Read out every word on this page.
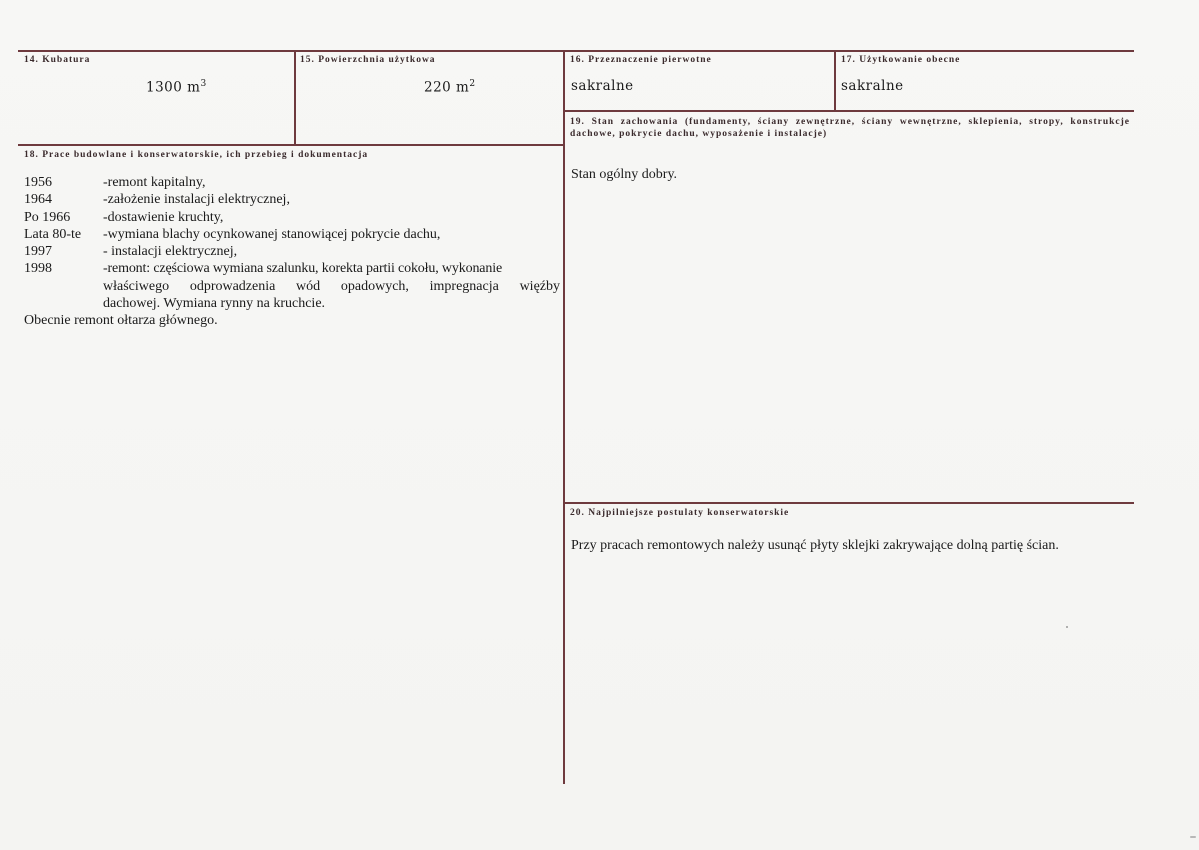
14. Kubatura
1300 $m^3$
15. Powierzchnia użytkowa
220 $m^2$
16. Przeznaczenie pierwotne
sakralne
17. Użytkowanie obecne
sakralne
19. Stan zachowania (fundamenty, ściany zewnętrzne, ściany wewnętrzne, sklepienia, stropy, konstrukcje dachowe, pokrycie dachu, wyposażenie i instalacje)
Stan ogólny dobry.
18. Prace budowlane i konserwatorskie, ich przebieg i dokumentacja
1956	-remont kapitalny,
1964	-założenie instalacji elektrycznej,
Po 1966	-dostawienie kruchty,
Lata 80-te	-wymiana blachy ocynkowanej stanowiącej pokrycie dachu,
1997	- instalacji elektrycznej,
1998	-remont: częściowa wymiana szalunku, korekta partii cokołu, wykonanie
właściwego odprowadzenia wód opadowych, impregnacja więźby
dachowej. Wymiana rynny na kruchcie.
Obecnie remont ołtarza głównego.
20. Najpilniejsze postulaty konserwatorskie
Przy pracach remontowych należy usunąć płyty sklejki zakrywające dolną partię ścian.
